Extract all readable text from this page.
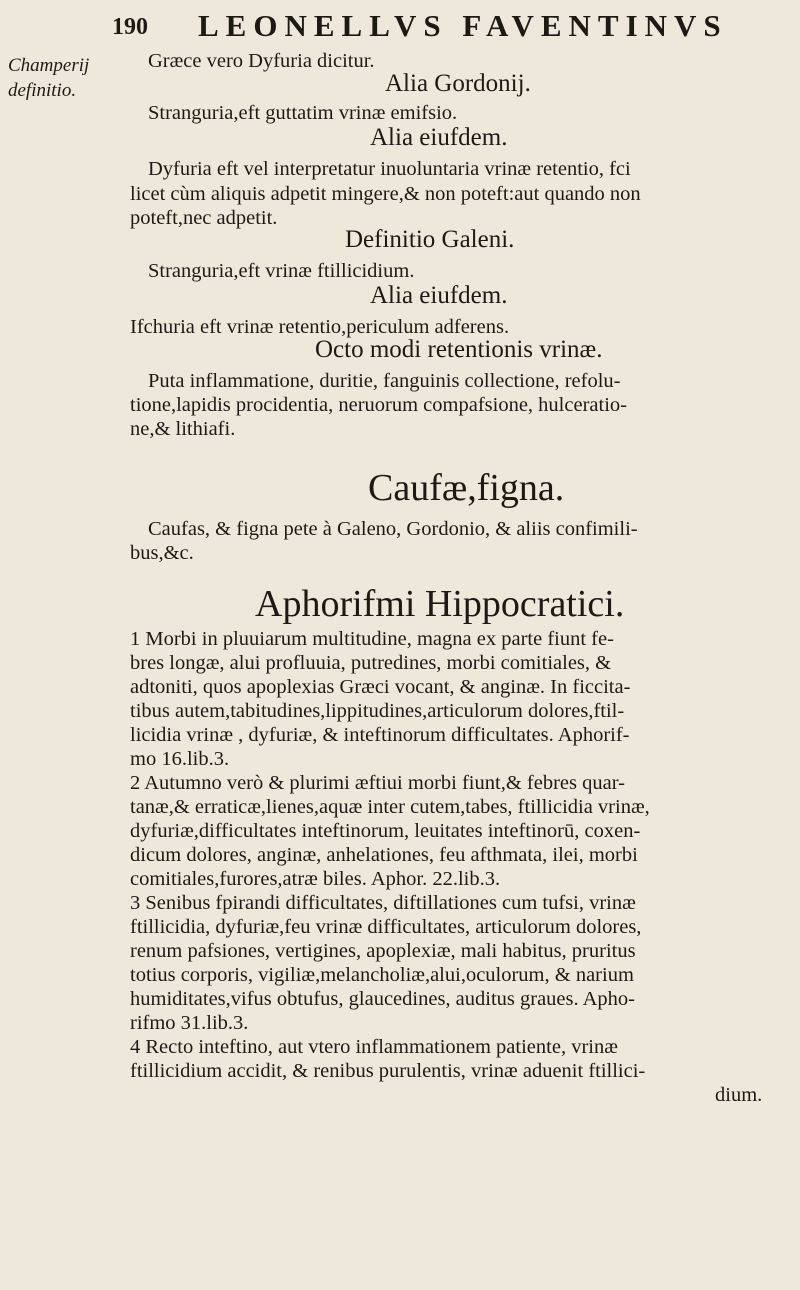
190 LEONELLVS FAVENTINVS
Champerij
definitio.
Græce vero Dyfuria dicitur.
Alia Gordonij.
Stranguria,eft guttatim vrinæ emifsio.
Alia eiufdem.
Dyfuria eft vel interpretatur inuoluntaria vrinæ retentio, fci
licet cùm aliquis adpetit mingere,& non poteft:aut quando non
poteft,nec adpetit.
Definitio Galeni.
Stranguria,eft vrinæ ftillicidium.
Alia eiufdem.
Ifchuria eft vrinæ retentio,periculum adferens.
Octo modi retentionis vrinæ.
Puta inflammatione, duritie, fanguinis collectione, refolu-
tione,lapidis procidentia, neruorum compafsione, hulceratio-
ne,& lithiafi.
Caufæ,figna.
Caufas, & figna pete à Galeno, Gordonio, & aliis confimili-
bus,&c.
Aphorifmi Hippocratici.
1 Morbi in pluuiarum multitudine, magna ex parte fiunt fe-
bres longæ, alui profluuia, putredines, morbi comitiales, &
adtoniti, quos apoplexias Græci vocant, & anginæ. In ficcita-
tibus autem,tabitudines,lippitudines,articulorum dolores,ftil-
licidia vrinæ , dyfuriæ, & inteftinorum difficultates. Aphorif-
mo 16.lib.3.
2 Autumno verò & plurimi æftiui morbi fiunt,& febres quar-
tanæ,& erraticæ,lienes,aquæ inter cutem,tabes, ftillicidia vrinæ,
dyfuriæ,difficultates inteftinorum, leuitates inteftinorū, coxen-
dicum dolores, anginæ, anhelationes, feu afthmata, ilei, morbi
comitiales,furores,atræ biles. Aphor. 22.lib.3.
3 Senibus fpirandi difficultates, diftillationes cum tufsi, vrinæ
ftillicidia, dyfuriæ,feu vrinæ difficultates, articulorum dolores,
renum pafsiones, vertigines, apoplexiæ, mali habitus, pruritus
totius corporis, vigiliæ,melancholiæ,alui,oculorum, & narium
humiditates,vifus obtufus, glaucedines, auditus graues. Apho-
rifmo 31.lib.3.
4 Recto inteftino, aut vtero inflammationem patiente, vrinæ
ftillicidium accidit, & renibus purulentis, vrinæ aduenit ftillici-
dium.
